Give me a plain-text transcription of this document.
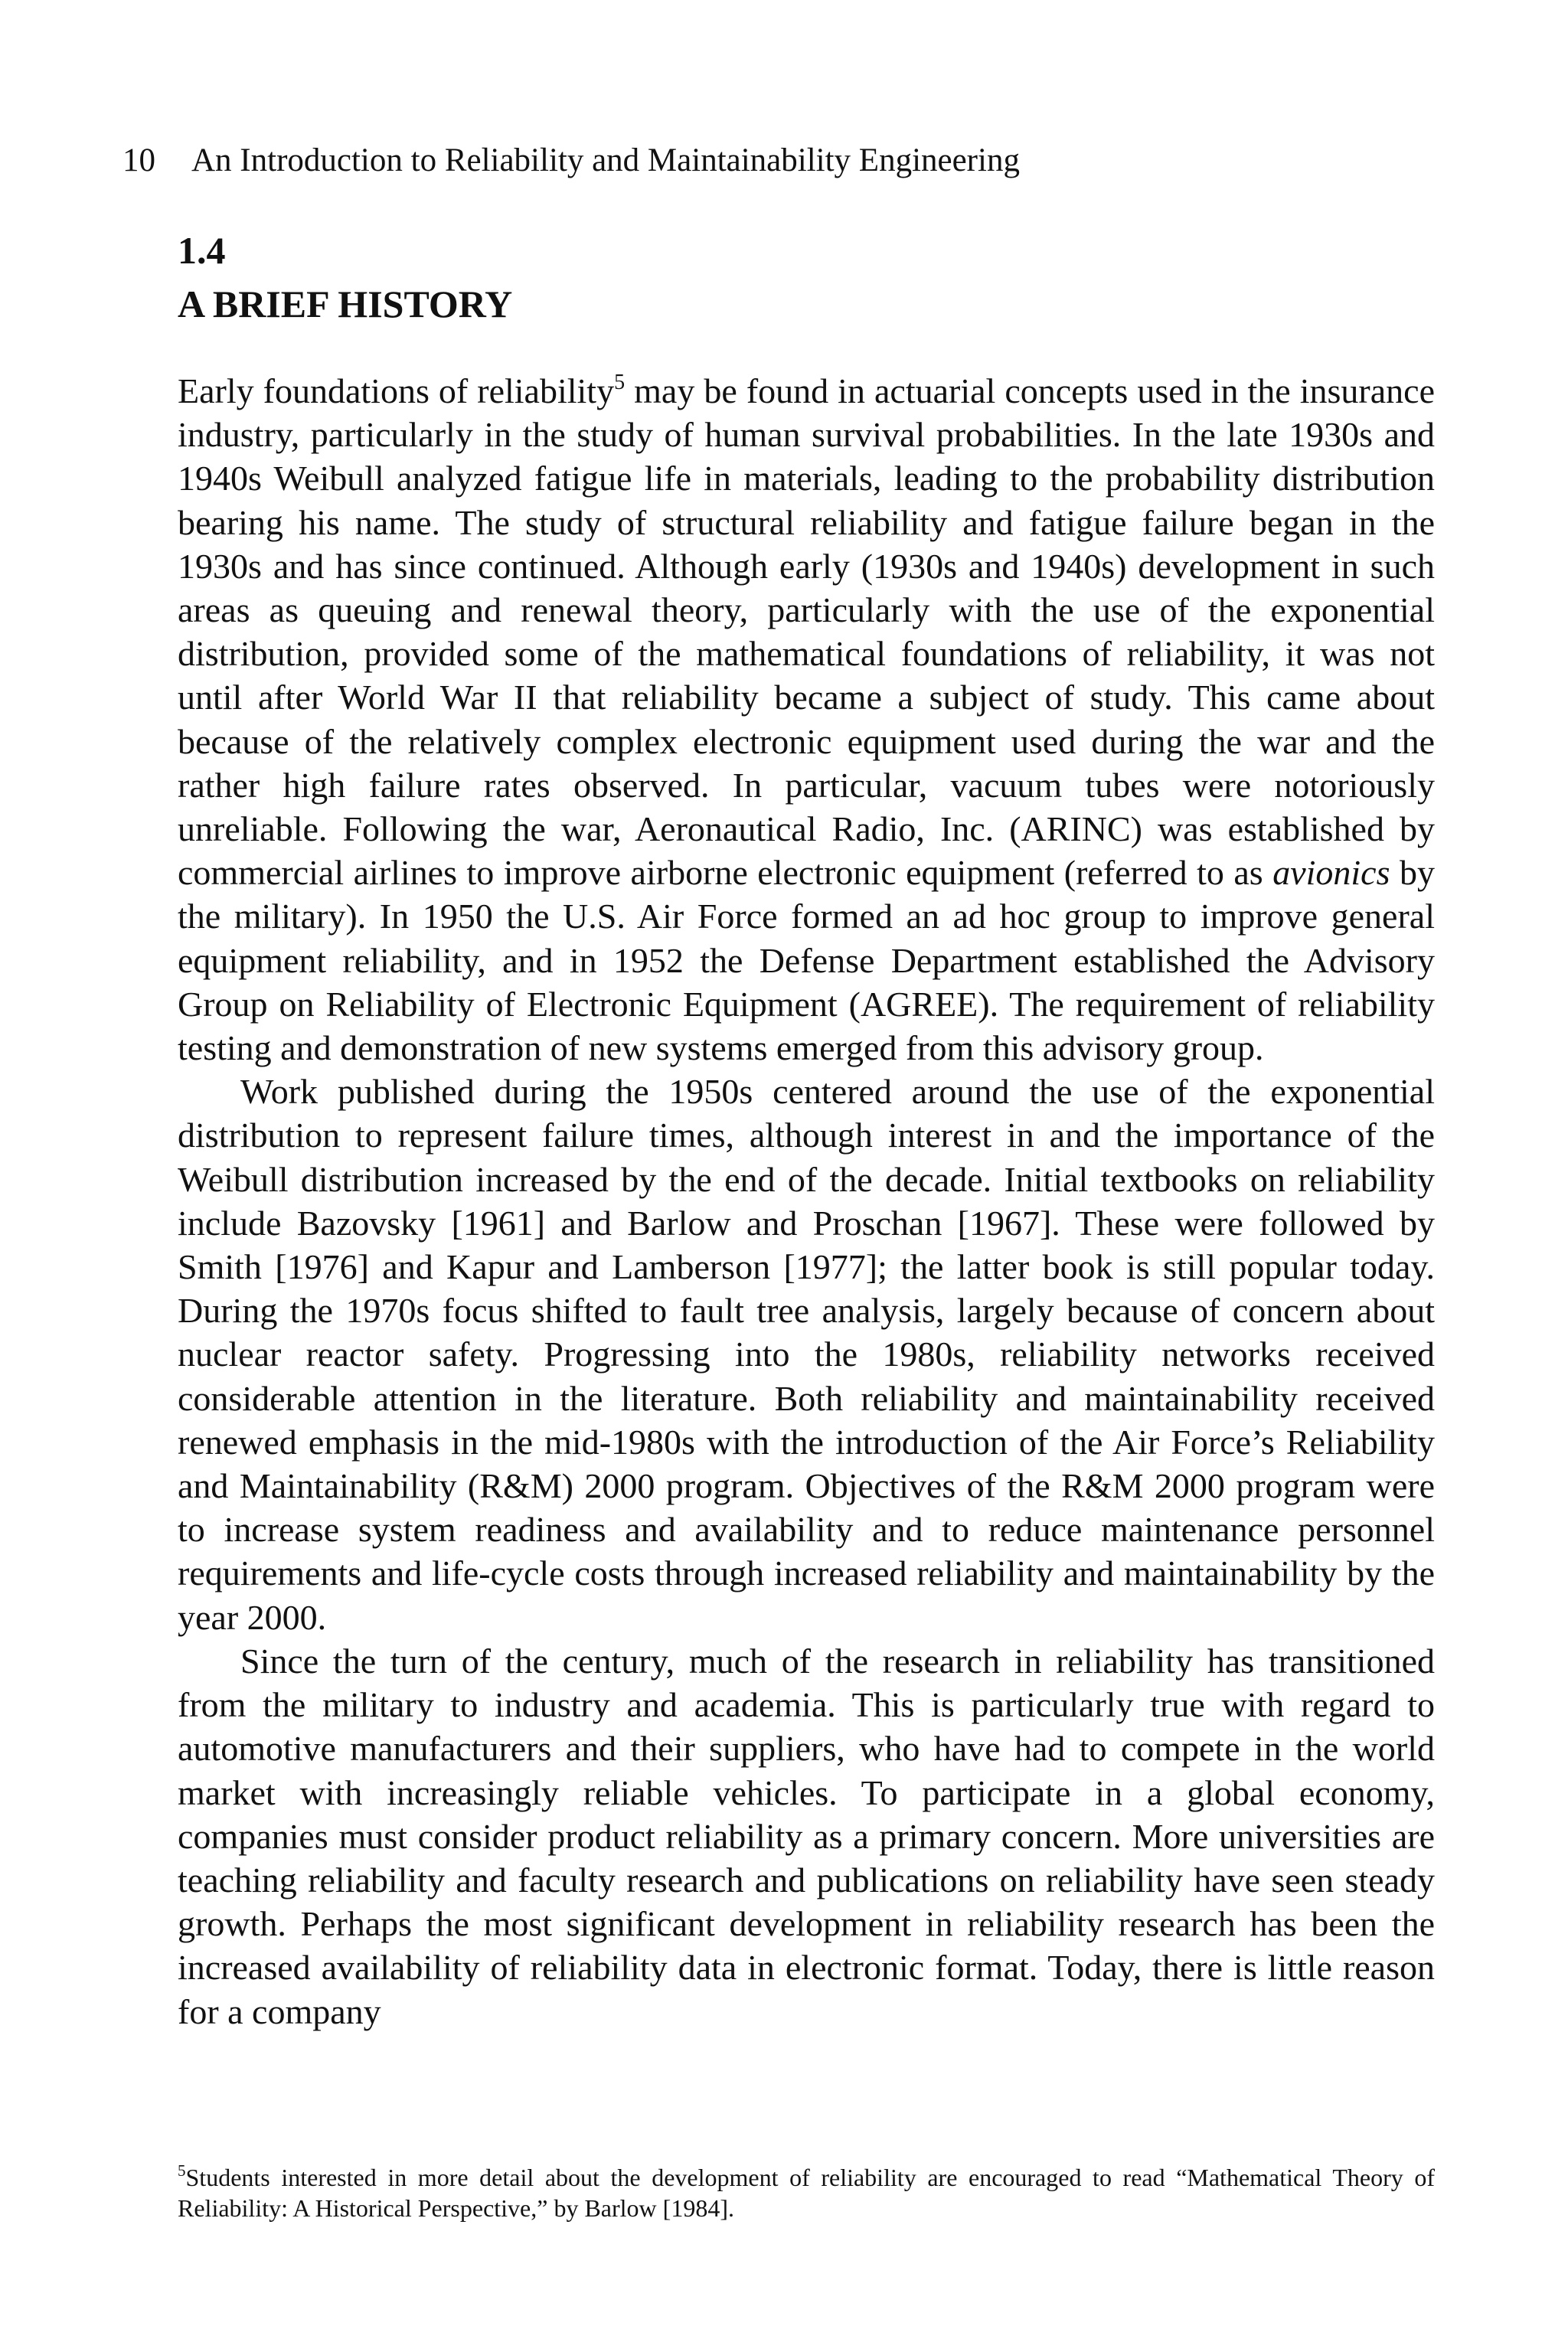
10 An Introduction to Reliability and Maintainability Engineering
1.4
A BRIEF HISTORY

Early foundations of reliability$^5$ may be found in actuarial concepts used in the insurance industry, particularly in the study of human survival probabilities. In the late 1930s and 1940s Weibull analyzed fatigue life in materials, leading to the probability distribution bearing his name. The study of structural reliability and fatigue failure began in the 1930s and has since continued. Although early (1930s and 1940s) development in such areas as queuing and renewal theory, particularly with the use of the exponential distribution, provided some of the mathematical foundations of reliability, it was not until after World War II that reliability became a subject of study. This came about because of the relatively complex electronic equipment used during the war and the rather high failure rates observed. In particular, vacuum tubes were notoriously unreliable. Following the war, Aeronautical Radio, Inc. (ARINC) was established by commercial airlines to improve airborne electronic equipment (referred to as avionics by the military). In 1950 the U.S. Air Force formed an ad hoc group to improve general equipment reliability, and in 1952 the Defense Department established the Advisory Group on Reliability of Electronic Equipment (AGREE). The requirement of reliability testing and demonstration of new systems emerged from this advisory group.

Work published during the 1950s centered around the use of the exponential distribution to represent failure times, although interest in and the importance of the Weibull distribution increased by the end of the decade. Initial textbooks on reliability include Bazovsky [1961] and Barlow and Proschan [1967]. These were followed by Smith [1976] and Kapur and Lamberson [1977]; the latter book is still popular today. During the 1970s focus shifted to fault tree analysis, largely because of concern about nuclear reactor safety. Progressing into the 1980s, reliability networks received considerable attention in the literature. Both reliability and maintainability received renewed emphasis in the mid-1980s with the introduction of the Air Force’s Reliability and Maintainability (R&M) 2000 program. Objectives of the R&M 2000 program were to increase system readiness and availability and to reduce maintenance personnel requirements and life-cycle costs through increased reliability and maintainability by the year 2000.

Since the turn of the century, much of the research in reliability has transitioned from the military to industry and academia. This is particularly true with regard to automotive manufacturers and their suppliers, who have had to compete in the world market with increasingly reliable vehicles. To participate in a global economy, companies must consider product reliability as a primary concern. More universities are teaching reliability and faculty research and publications on reliability have seen steady growth. Perhaps the most significant development in reliability research has been the increased availability of reliability data in electronic format. Today, there is little reason for a company

$^5$Students interested in more detail about the development of reliability are encouraged to read “Mathematical Theory of Reliability: A Historical Perspective,” by Barlow [1984].
